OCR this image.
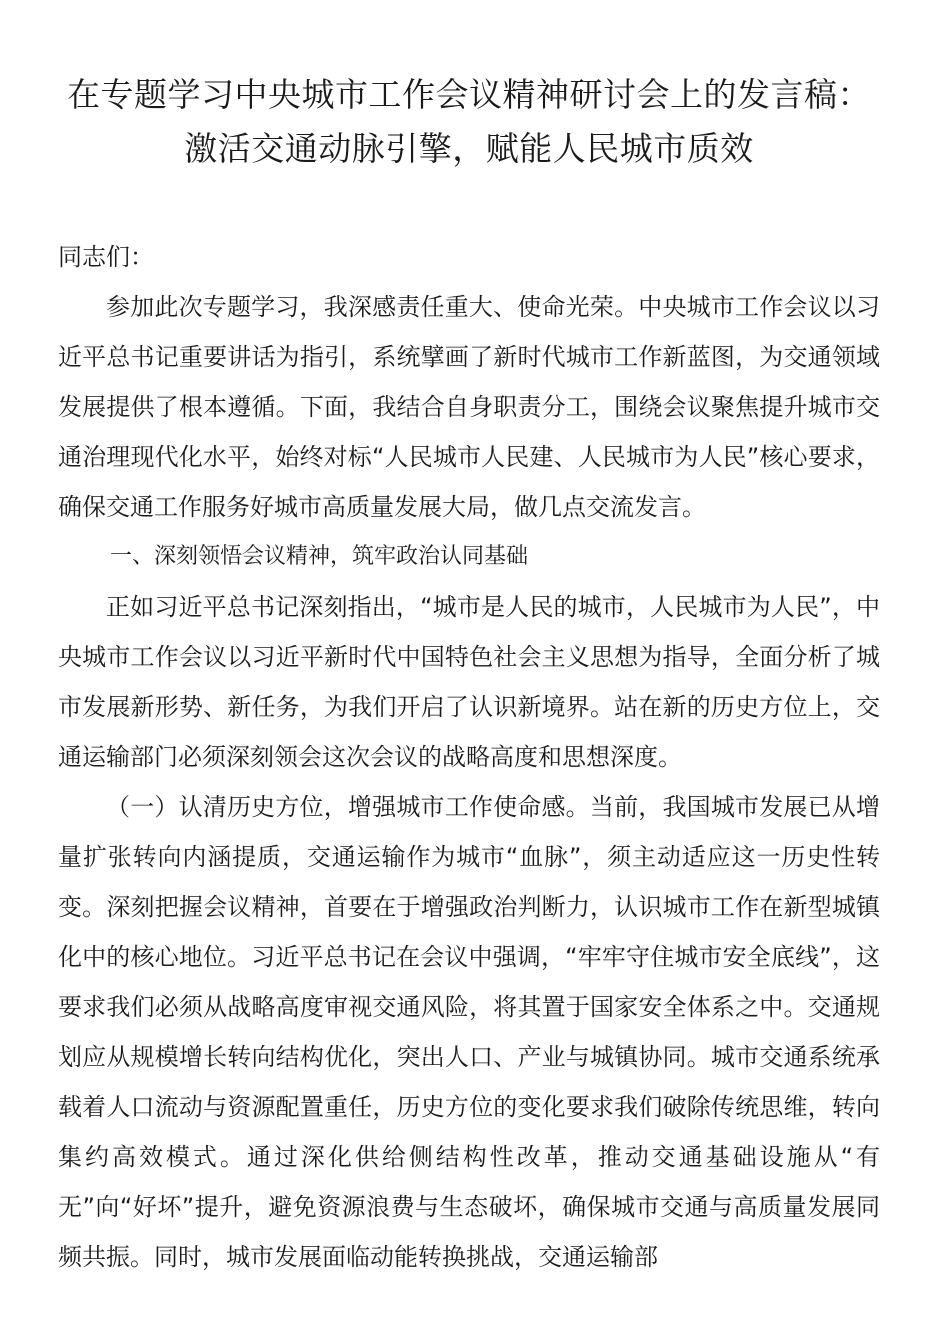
在专题学习中央城市工作会议精神研讨会上的发言稿：激活交通动脉引擎，赋能人民城市质效

同志们：

参加此次专题学习，我深感责任重大、使命光荣。中央城市工作会议以习近平总书记重要讲话为指引，系统擘画了新时代城市工作新蓝图，为交通领域发展提供了根本遵循。下面，我结合自身职责分工，围绕会议聚焦提升城市交通治理现代化水平，始终对标“人民城市人民建、人民城市为人民”核心要求，确保交通工作服务好城市高质量发展大局，做几点交流发言。

一、深刻领悟会议精神，筑牢政治认同基础

正如习近平总书记深刻指出，“城市是人民的城市，人民城市为人民”，中央城市工作会议以习近平新时代中国特色社会主义思想为指导，全面分析了城市发展新形势、新任务，为我们开启了认识新境界。站在新的历史方位上，交通运输部门必须深刻领会这次会议的战略高度和思想深度。

（一）认清历史方位，增强城市工作使命感。当前，我国城市发展已从增量扩张转向内涵提质，交通运输作为城市“血脉”，须主动适应这一历史性转变。深刻把握会议精神，首要在于增强政治判断力，认识城市工作在新型城镇化中的核心地位。习近平总书记在会议中强调，“牢牢守住城市安全底线”，这要求我们必须从战略高度审视交通风险，将其置于国家安全体系之中。交通规划应从规模增长转向结构优化，突出人口、产业与城镇协同。城市交通系统承载着人口流动与资源配置重任，历史方位的变化要求我们破除传统思维，转向集约高效模式。通过深化供给侧结构性改革，推动交通基础设施从“有无”向“好坏”提升，避免资源浪费与生态破坏，确保城市交通与高质量发展同频共振。同时，城市发展面临动能转换挑战，交通运输部
